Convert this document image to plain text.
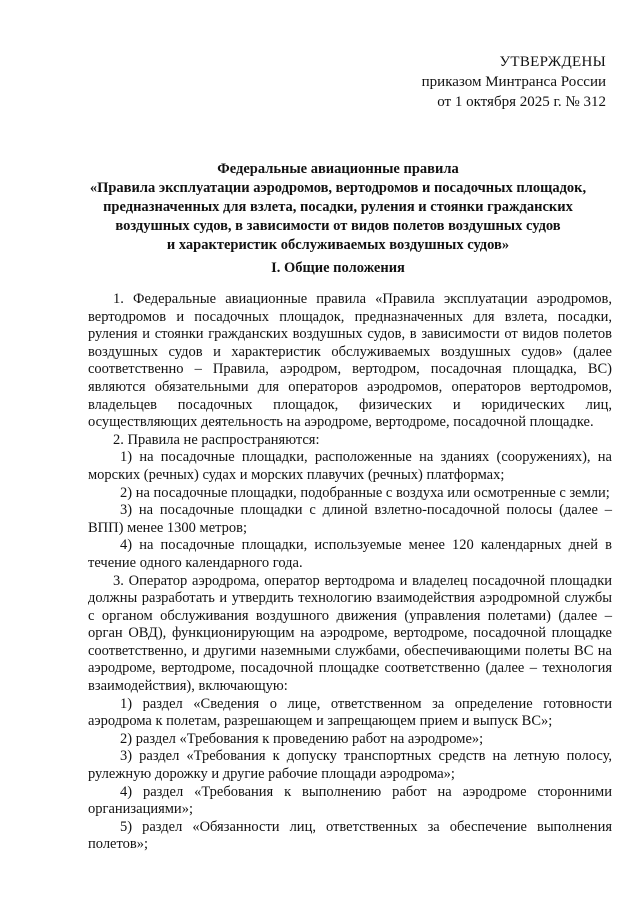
УТВЕРЖДЕНЫ
приказом Минтранса России
от 1 октября 2025 г. № 312
Федеральные авиационные правила
«Правила эксплуатации аэродромов, вертодромов и посадочных площадок,
предназначенных для взлета, посадки, руления и стоянки гражданских
воздушных судов, в зависимости от видов полетов воздушных судов
и характеристик обслуживаемых воздушных судов»
I. Общие положения

1. Федеральные авиационные правила «Правила эксплуатации аэродромов, вертодромов и посадочных площадок, предназначенных для взлета, посадки, руления и стоянки гражданских воздушных судов, в зависимости от видов полетов воздушных судов и характеристик обслуживаемых воздушных судов» (далее соответственно – Правила, аэродром, вертодром, посадочная площадка, ВС) являются обязательными для операторов аэродромов, операторов вертодромов, владельцев посадочных площадок, физических и юридических лиц, осуществляющих деятельность на аэродроме, вертодроме, посадочной площадке.

2. Правила не распространяются:

1) на посадочные площадки, расположенные на зданиях (сооружениях), на морских (речных) судах и морских плавучих (речных) платформах;

2) на посадочные площадки, подобранные с воздуха или осмотренные с земли;

3) на посадочные площадки с длиной взлетно-посадочной полосы (далее – ВПП) менее 1300 метров;

4) на посадочные площадки, используемые менее 120 календарных дней в течение одного календарного года.

3. Оператор аэродрома, оператор вертодрома и владелец посадочной площадки должны разработать и утвердить технологию взаимодействия аэродромной службы с органом обслуживания воздушного движения (управления полетами) (далее – орган ОВД), функционирующим на аэродроме, вертодроме, посадочной площадке соответственно, и другими наземными службами, обеспечивающими полеты ВС на аэродроме, вертодроме, посадочной площадке соответственно (далее – технология взаимодействия), включающую:

1) раздел «Сведения о лице, ответственном за определение готовности аэродрома к полетам, разрешающем и запрещающем прием и выпуск ВС»;

2) раздел «Требования к проведению работ на аэродроме»;

3) раздел «Требования к допуску транспортных средств на летную полосу, рулежную дорожку и другие рабочие площади аэродрома»;

4) раздел «Требования к выполнению работ на аэродроме сторонними организациями»;

5) раздел «Обязанности лиц, ответственных за обеспечение выполнения полетов»;
